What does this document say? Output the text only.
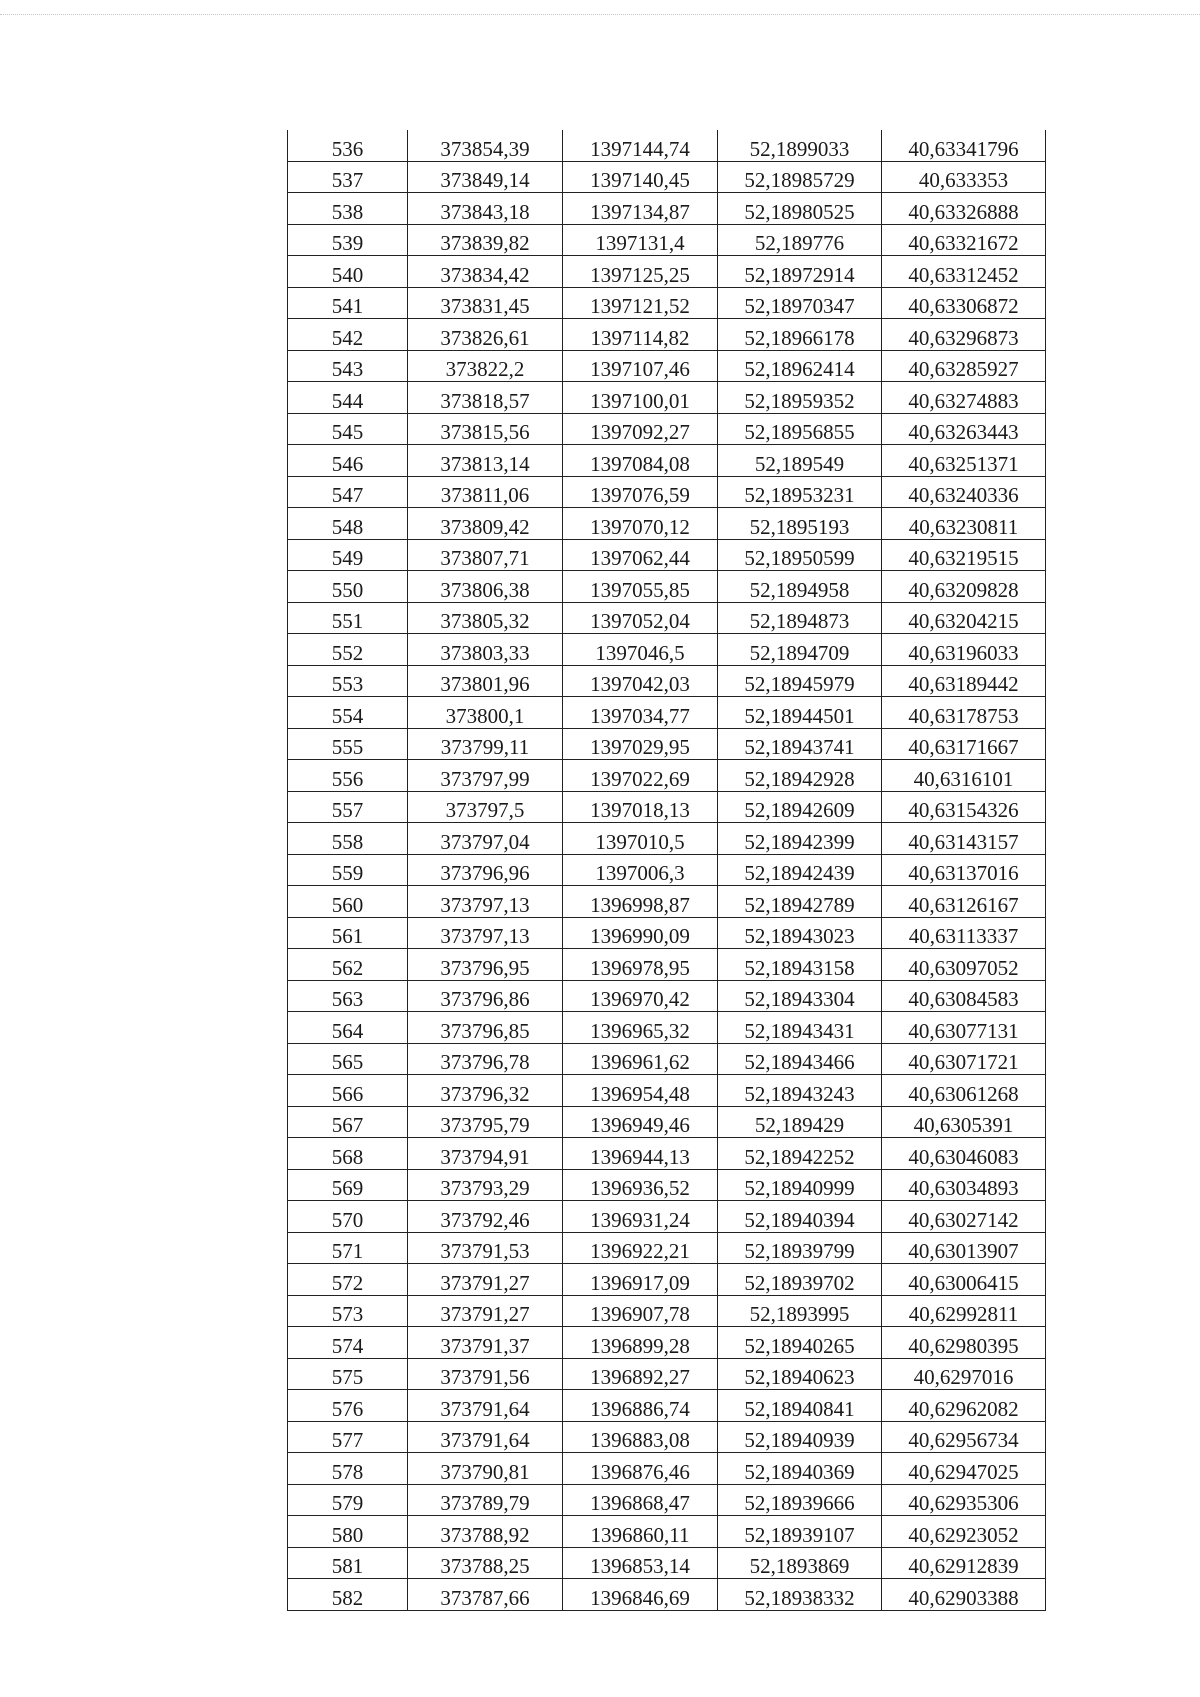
536	373854,39	1397144,74	52,1899033	40,63341796
537	373849,14	1397140,45	52,18985729	40,633353
538	373843,18	1397134,87	52,18980525	40,63326888
539	373839,82	1397131,4	52,189776	40,63321672
540	373834,42	1397125,25	52,18972914	40,63312452
541	373831,45	1397121,52	52,18970347	40,63306872
542	373826,61	1397114,82	52,18966178	40,63296873
543	373822,2	1397107,46	52,18962414	40,63285927
544	373818,57	1397100,01	52,18959352	40,63274883
545	373815,56	1397092,27	52,18956855	40,63263443
546	373813,14	1397084,08	52,189549	40,63251371
547	373811,06	1397076,59	52,18953231	40,63240336
548	373809,42	1397070,12	52,1895193	40,63230811
549	373807,71	1397062,44	52,18950599	40,63219515
550	373806,38	1397055,85	52,1894958	40,63209828
551	373805,32	1397052,04	52,1894873	40,63204215
552	373803,33	1397046,5	52,1894709	40,63196033
553	373801,96	1397042,03	52,18945979	40,63189442
554	373800,1	1397034,77	52,18944501	40,63178753
555	373799,11	1397029,95	52,18943741	40,63171667
556	373797,99	1397022,69	52,18942928	40,6316101
557	373797,5	1397018,13	52,18942609	40,63154326
558	373797,04	1397010,5	52,18942399	40,63143157
559	373796,96	1397006,3	52,18942439	40,63137016
560	373797,13	1396998,87	52,18942789	40,63126167
561	373797,13	1396990,09	52,18943023	40,63113337
562	373796,95	1396978,95	52,18943158	40,63097052
563	373796,86	1396970,42	52,18943304	40,63084583
564	373796,85	1396965,32	52,18943431	40,63077131
565	373796,78	1396961,62	52,18943466	40,63071721
566	373796,32	1396954,48	52,18943243	40,63061268
567	373795,79	1396949,46	52,189429	40,6305391
568	373794,91	1396944,13	52,18942252	40,63046083
569	373793,29	1396936,52	52,18940999	40,63034893
570	373792,46	1396931,24	52,18940394	40,63027142
571	373791,53	1396922,21	52,18939799	40,63013907
572	373791,27	1396917,09	52,18939702	40,63006415
573	373791,27	1396907,78	52,1893995	40,62992811
574	373791,37	1396899,28	52,18940265	40,62980395
575	373791,56	1396892,27	52,18940623	40,6297016
576	373791,64	1396886,74	52,18940841	40,62962082
577	373791,64	1396883,08	52,18940939	40,62956734
578	373790,81	1396876,46	52,18940369	40,62947025
579	373789,79	1396868,47	52,18939666	40,62935306
580	373788,92	1396860,11	52,18939107	40,62923052
581	373788,25	1396853,14	52,1893869	40,62912839
582	373787,66	1396846,69	52,18938332	40,62903388
